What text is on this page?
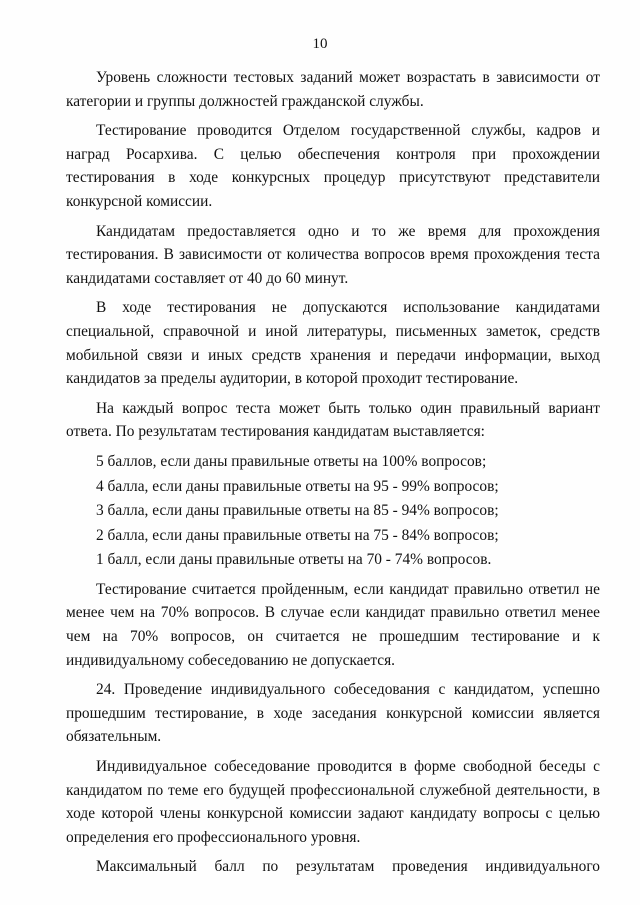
10

Уровень сложности тестовых заданий может возрастать в зависимости от категории и группы должностей гражданской службы.

Тестирование проводится Отделом государственной службы, кадров и наград Росархива. С целью обеспечения контроля при прохождении тестирования в ходе конкурсных процедур присутствуют представители конкурсной комиссии.

Кандидатам предоставляется одно и то же время для прохождения тестирования. В зависимости от количества вопросов время прохождения теста кандидатами составляет от 40 до 60 минут.

В ходе тестирования не допускаются использование кандидатами специальной, справочной и иной литературы, письменных заметок, средств мобильной связи и иных средств хранения и передачи информации, выход кандидатов за пределы аудитории, в которой проходит тестирование.

На каждый вопрос теста может быть только один правильный вариант ответа. По результатам тестирования кандидатам выставляется:

5 баллов, если даны правильные ответы на 100% вопросов;

4 балла, если даны правильные ответы на 95 - 99% вопросов;

3 балла, если даны правильные ответы на 85 - 94% вопросов;

2 балла, если даны правильные ответы на 75 - 84% вопросов;

1 балл, если даны правильные ответы на 70 - 74% вопросов.

Тестирование считается пройденным, если кандидат правильно ответил не менее чем на 70% вопросов. В случае если кандидат правильно ответил менее чем на 70% вопросов, он считается не прошедшим тестирование и к индивидуальному собеседованию не допускается.

24. Проведение индивидуального собеседования с кандидатом, успешно прошедшим тестирование, в ходе заседания конкурсной комиссии является обязательным.

Индивидуальное собеседование проводится в форме свободной беседы с кандидатом по теме его будущей профессиональной служебной деятельности, в ходе которой члены конкурсной комиссии задают кандидату вопросы с целью определения его профессионального уровня.

Максимальный балл по результатам проведения индивидуального
